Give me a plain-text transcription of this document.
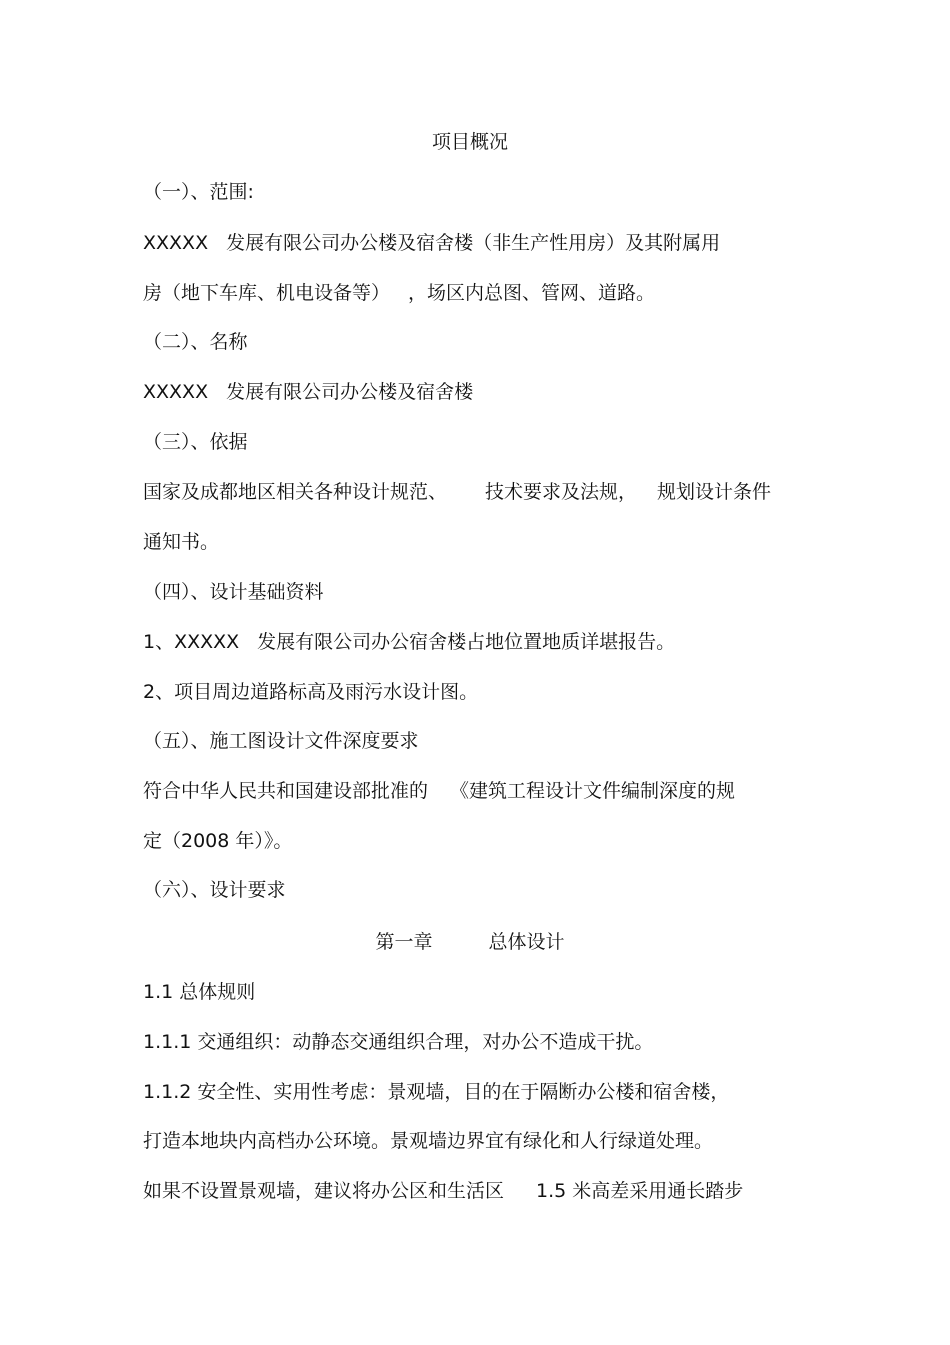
项目概况
（一）、范围:
XXXXX 发展有限公司办公楼及宿舍楼（非生产性用房）及其附属用
房（地下车库、机电设备等） ，场区内总图、管网、道路。
（二）、名称
XXXXX 发展有限公司办公楼及宿舍楼
（三）、依据
国家及成都地区相关各种设计规范、 技术要求及法规， 规划设计条件
通知书。
（四）、设计基础资料
1、XXXXX 发展有限公司办公宿舍楼占地位置地质详堪报告。
2、项目周边道路标高及雨污水设计图。
（五）、施工图设计文件深度要求
符合中华人民共和国建设部批准的 《建筑工程设计文件编制深度的规
定（2008 年）》。
（六）、设计要求
第一章	总体设计
1.1 总体规则
1.1.1 交通组织：动静态交通组织合理，对办公不造成干扰。
1.1.2 安全性、实用性考虑：景观墙，目的在于隔断办公楼和宿舍楼，
打造本地块内高档办公环境。景观墙边界宜有绿化和人行绿道处理。
如果不设置景观墙，建议将办公区和生活区 1.5 米高差采用通长踏步
